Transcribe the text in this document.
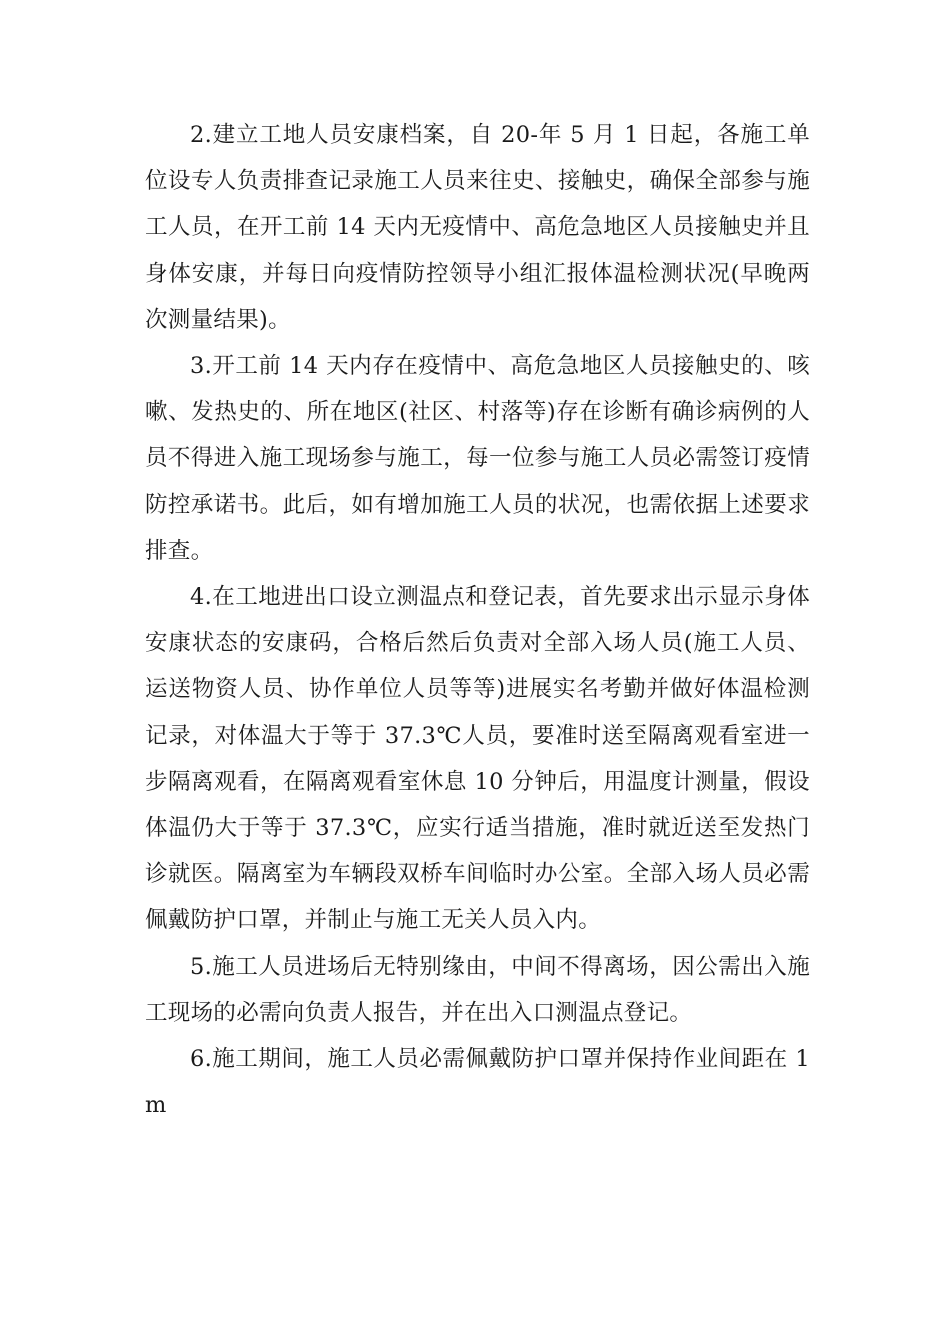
2.建立工地人员安康档案，自 20-年 5 月 1 日起，各施工单位设专人负责排查记录施工人员来往史、接触史，确保全部参与施工人员，在开工前 14 天内无疫情中、高危急地区人员接触史并且身体安康，并每日向疫情防控领导小组汇报体温检测状况(早晚两次测量结果)。

3.开工前 14 天内存在疫情中、高危急地区人员接触史的、咳嗽、发热史的、所在地区(社区、村落等)存在诊断有确诊病例的人员不得进入施工现场参与施工，每一位参与施工人员必需签订疫情防控承诺书。此后，如有增加施工人员的状况，也需依据上述要求排查。

4.在工地进出口设立测温点和登记表，首先要求出示显示身体安康状态的安康码，合格后然后负责对全部入场人员(施工人员、运送物资人员、协作单位人员等等)进展实名考勤并做好体温检测记录，对体温大于等于 37.3℃人员，要准时送至隔离观看室进一步隔离观看，在隔离观看室休息 10 分钟后，用温度计测量，假设体温仍大于等于 37.3℃，应实行适当措施，准时就近送至发热门诊就医。隔离室为车辆段双桥车间临时办公室。全部入场人员必需佩戴防护口罩，并制止与施工无关人员入内。

5.施工人员进场后无特别缘由，中间不得离场，因公需出入施工现场的必需向负责人报告，并在出入口测温点登记。

6.施工期间，施工人员必需佩戴防护口罩并保持作业间距在 1m
